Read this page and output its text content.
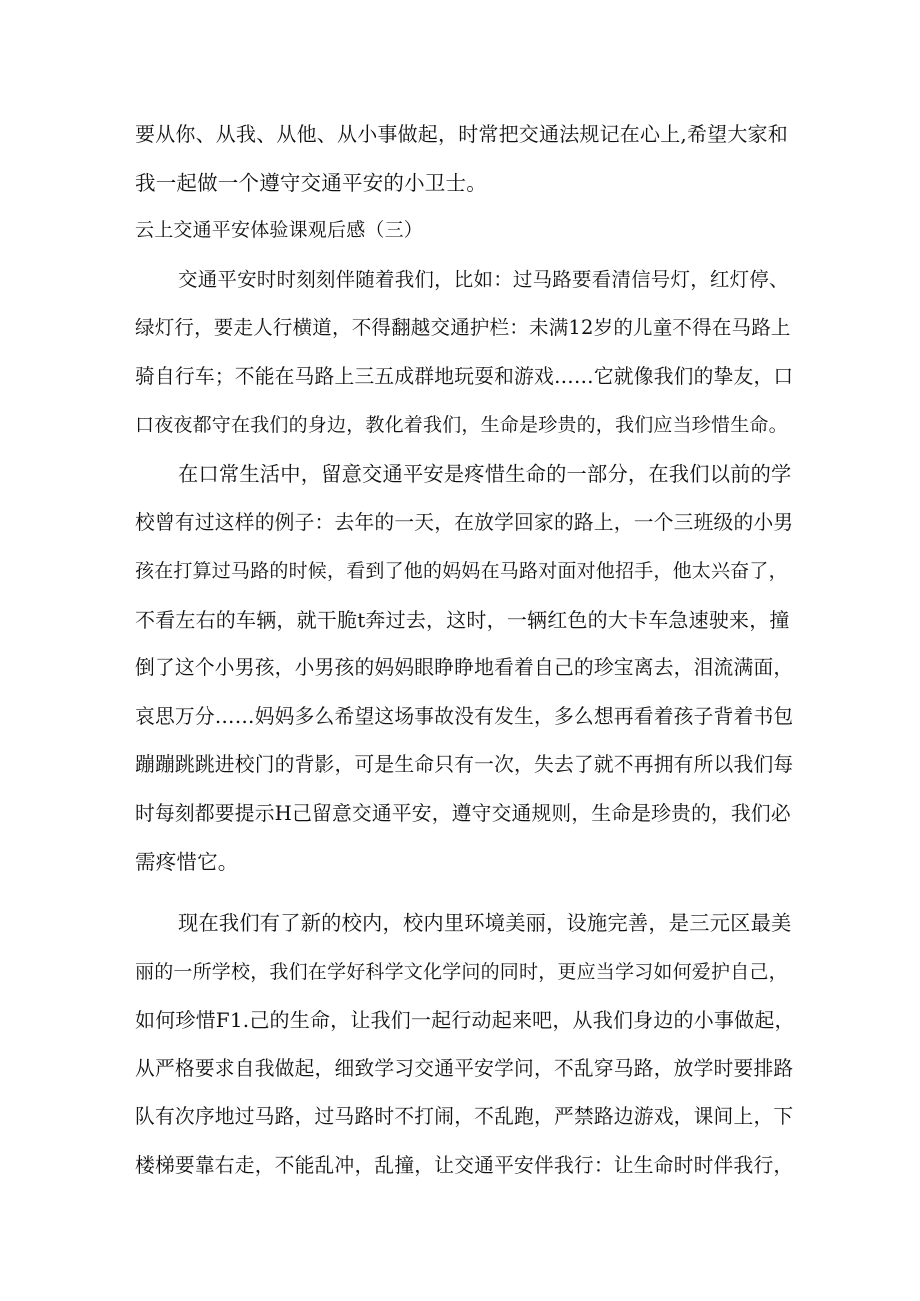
要从你、从我、从他、从小事做起，时常把交通法规记在心上,希望大家和
我一起做一个遵守交通平安的小卫士。
云上交通平安体验课观后感（三）
交通平安时时刻刻伴随着我们，比如：过马路要看清信号灯，红灯停、
绿灯行，要走人行横道，不得翻越交通护栏：未满12岁的儿童不得在马路上
骑自行车；不能在马路上三五成群地玩耍和游戏……它就像我们的挚友，口
口夜夜都守在我们的身边，教化着我们，生命是珍贵的，我们应当珍惜生命。
在口常生活中，留意交通平安是疼惜生命的一部分，在我们以前的学
校曾有过这样的例子：去年的一天，在放学回家的路上，一个三班级的小男
孩在打算过马路的时候，看到了他的妈妈在马路对面对他招手，他太兴奋了，
不看左右的车辆，就干脆t奔过去，这时，一辆红色的大卡车急速驶来，撞
倒了这个小男孩，小男孩的妈妈眼睁睁地看着自己的珍宝离去，泪流满面，
哀思万分……妈妈多么希望这场事故没有发生，多么想再看着孩子背着书包
蹦蹦跳跳进校门的背影，可是生命只有一次，失去了就不再拥有所以我们每
时每刻都要提示H己留意交通平安，遵守交通规则，生命是珍贵的，我们必
需疼惜它。
现在我们有了新的校内，校内里环境美丽，设施完善，是三元区最美
丽的一所学校，我们在学好科学文化学问的同时，更应当学习如何爱护自己，
如何珍惜F1.己的生命，让我们一起行动起来吧，从我们身边的小事做起，
从严格要求自我做起，细致学习交通平安学问，不乱穿马路，放学时要排路
队有次序地过马路，过马路时不打闹，不乱跑，严禁路边游戏，课间上，下
楼梯要靠右走，不能乱冲，乱撞，让交通平安伴我行：让生命时时伴我行，
